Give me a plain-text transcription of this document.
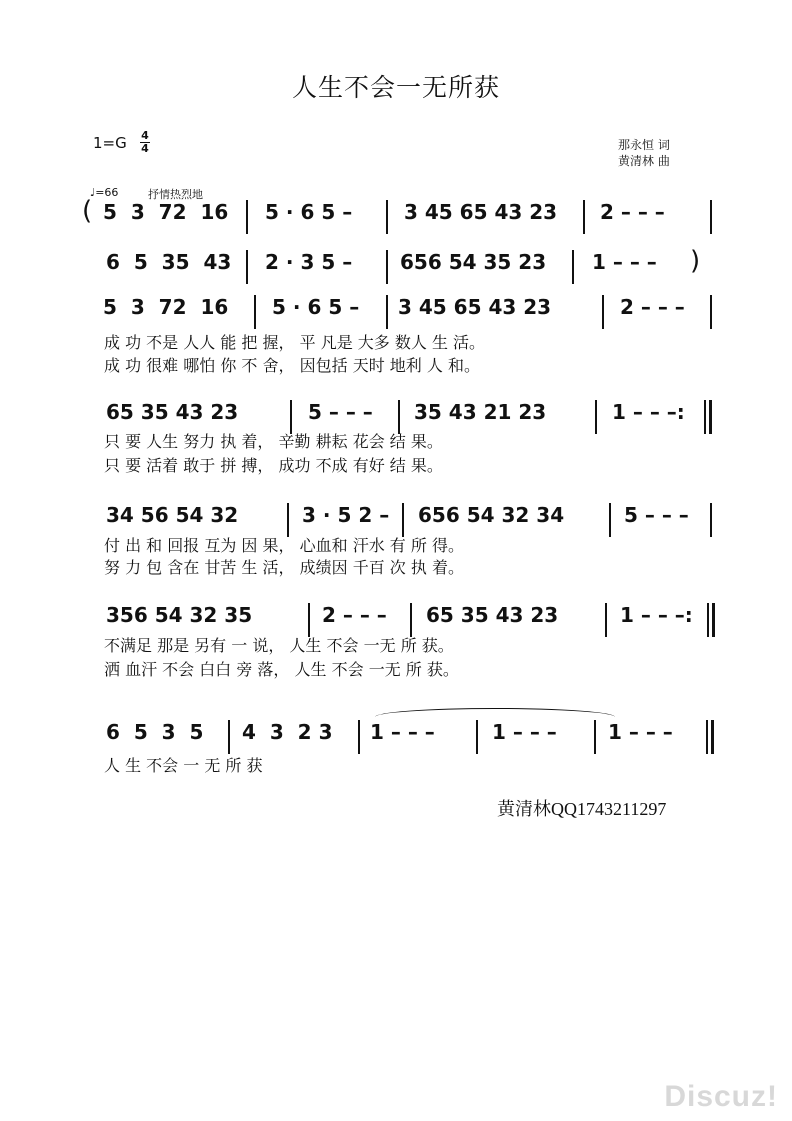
人生不会一无所获
1=G 4
4	那永恒 词
黄清林 曲
♩=66	抒情热烈地
( 5  3  72  16 5 · 6 5 –	3 45 65 43 23 2 – – –
6  5  35  43 2 · 3 5 – 656 54 35 23 1 – – – )
5  3  72  16 5 · 6 5 – 3 45 65 43 23	2 – – –
成 功 不是 人人 能 把 握， 平 凡是 大多 数人 生 活。
成 功 很难 哪怕 你 不 舍， 因包括 天时 地利 人 和。
65 35 43 23	5 – – – 35 43 21 23	1 – – –:
只 要 人生 努力 执 着， 辛勤 耕耘 花会 结 果。
只 要 活着 敢于 拼 搏， 成功 不成 有好 结 果。
34 56 54 32	3 · 5 2 – 656 54 32 34	5 – – –
付 出 和 回报 互为 因 果， 心血和 汗水 有 所 得。
努 力 包 含在 甘苦 生 活， 成绩因 千百 次 执 着。
356 54 32 35	2 – – – 65 35 43 23	1 – – –:
不满足 那是 另有 一 说， 人生 不会 一无 所 获。
洒 血汗 不会 白白 旁 落， 人生 不会 一无 所 获。
6  5  3  5 4  3  2 3 1 – – –	1 – – –	1 – – –
人 生 不会 一 无 所 获
黄清林QQ1743211297
Discuz!
